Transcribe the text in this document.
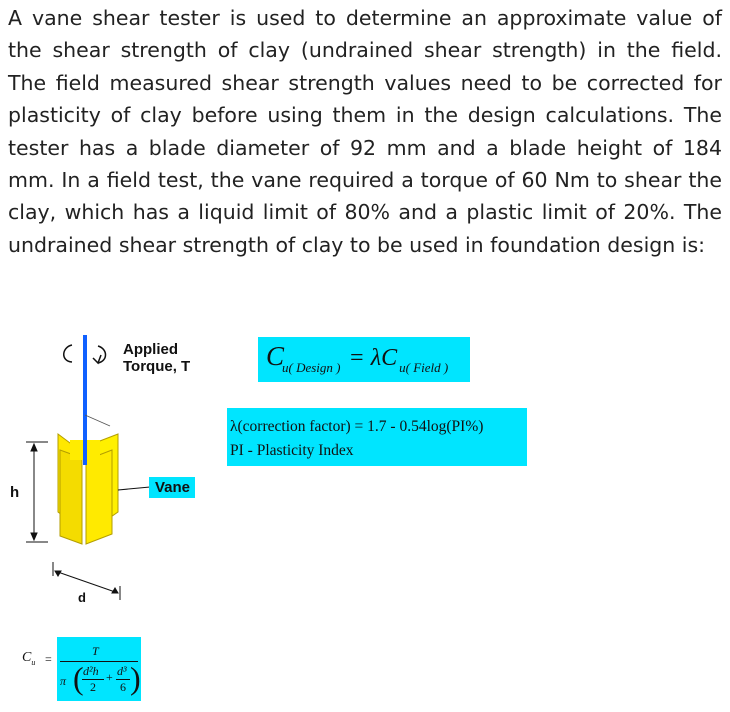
A vane shear tester is used to determine an approximate value of the shear strength of clay (undrained shear strength) in the field. The field measured shear strength values need to be corrected for plasticity of clay before using them in the design calculations. The tester has a blade diameter of 92 mm and a blade height of 184 mm. In a field test, the vane required a torque of 60 Nm to shear the clay, which has a liquid limit of 80% and a plastic limit of 20%. The undrained shear strength of clay to be used in foundation design is:
Applied
Torque, T
Vane
h
d
$C_u$ =
T
π ( d²h
2
+ d³
6 )
$C_{u( Design )} = \lambda C$ $_{u( Field )}$
λ(correction factor) = 1.7 - 0.54log(PI%)
PI - Plasticity Index
